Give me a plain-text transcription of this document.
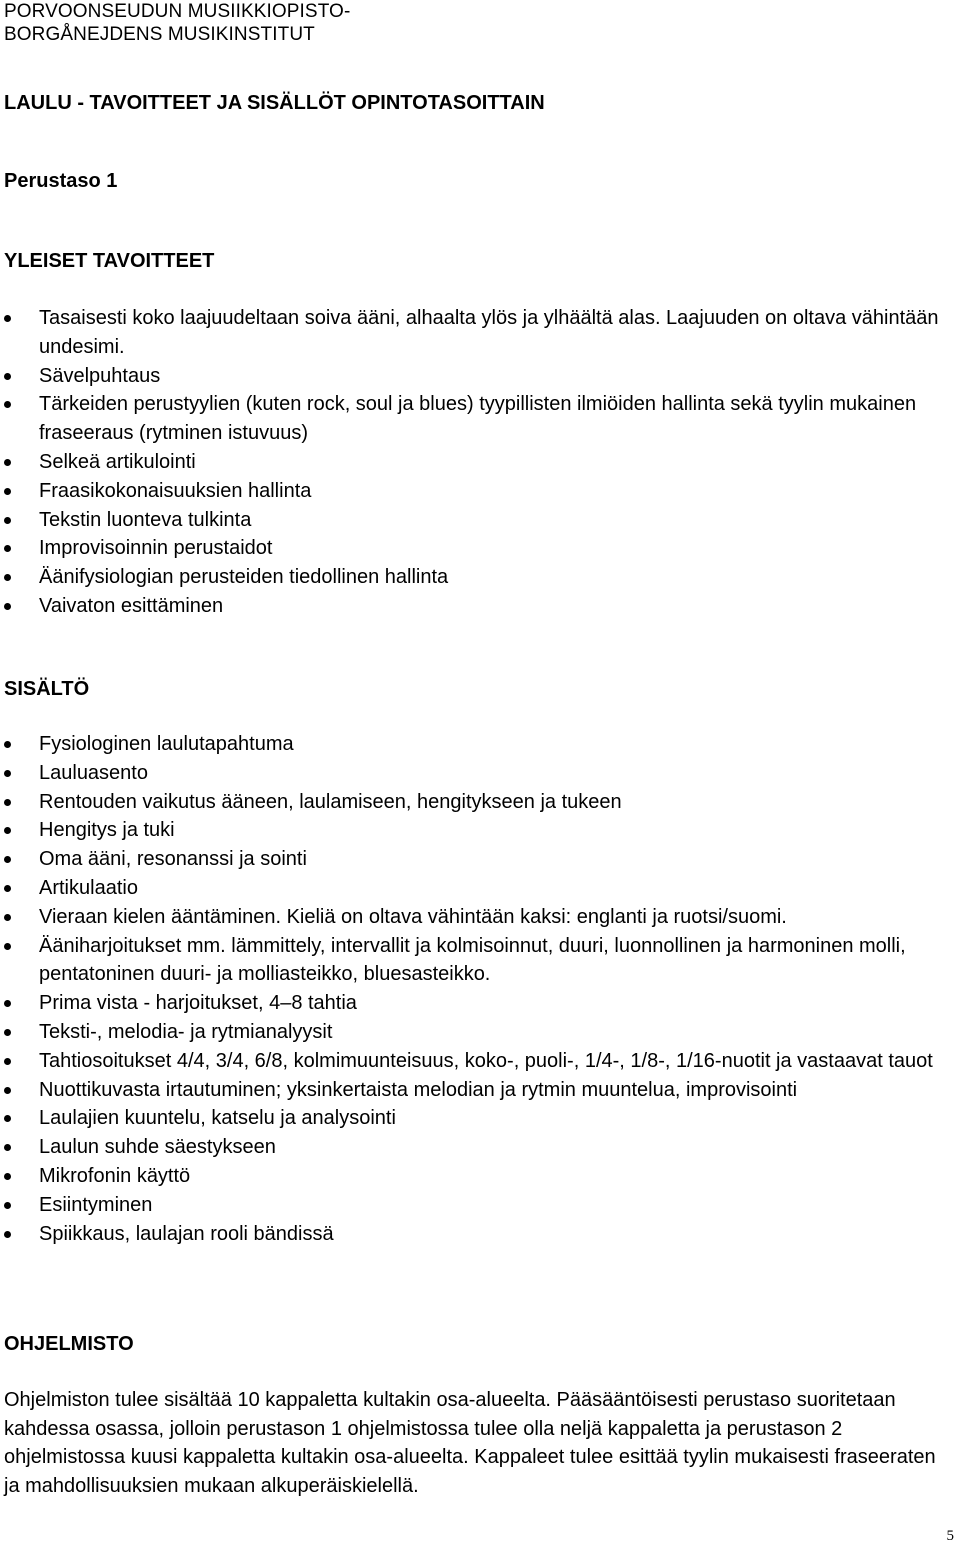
PORVOONSEUDUN MUSIIKKIOPISTO-
BORGÅNEJDENS MUSIKINSTITUT
LAULU - TAVOITTEET JA SISÄLLÖT OPINTOTASOITTAIN
Perustaso 1
YLEISET TAVOITTEET
Tasaisesti koko laajuudeltaan soiva ääni, alhaalta ylös ja ylhäältä alas. Laajuuden on oltava vähintään undesimi.
Sävelpuhtaus
Tärkeiden perustyylien (kuten rock, soul ja blues) tyypillisten ilmiöiden hallinta sekä tyylin mukainen fraseeraus (rytminen istuvuus)
Selkeä artikulointi
Fraasikokonaisuuksien hallinta
Tekstin luonteva tulkinta
Improvisoinnin perustaidot
Äänifysiologian perusteiden tiedollinen hallinta
Vaivaton esittäminen
SISÄLTÖ
Fysiologinen laulutapahtuma
Lauluasento
Rentouden vaikutus ääneen, laulamiseen, hengitykseen ja tukeen
Hengitys ja tuki
Oma ääni, resonanssi ja sointi
Artikulaatio
Vieraan kielen ääntäminen. Kieliä on oltava vähintään kaksi: englanti ja ruotsi/suomi.
Ääniharjoitukset mm. lämmittely, intervallit ja kolmisoinnut, duuri, luonnollinen ja harmoninen molli, pentatoninen duuri- ja molliasteikko, bluesasteikko.
Prima vista - harjoitukset, 4–8 tahtia
Teksti-, melodia- ja rytmianalyysit
Tahtiosoitukset 4/4, 3/4, 6/8, kolmimuunteisuus, koko-, puoli-, 1/4-, 1/8-, 1/16-nuotit ja vastaavat tauot
Nuottikuvasta irtautuminen; yksinkertaista melodian ja rytmin muuntelua, improvisointi
Laulajien kuuntelu, katselu ja analysointi
Laulun suhde säestykseen
Mikrofonin käyttö
Esiintyminen
Spiikkaus, laulajan rooli bändissä
OHJELMISTO

Ohjelmiston tulee sisältää 10 kappaletta kultakin osa-alueelta. Pääsääntöisesti perustaso suoritetaan kahdessa osassa, jolloin perustason 1 ohjelmistossa tulee olla neljä kappaletta ja perustason 2 ohjelmistossa kuusi kappaletta kultakin osa-alueelta. Kappaleet tulee esittää tyylin mukaisesti fraseeraten ja mahdollisuuksien mukaan alkuperäiskielellä.

5
